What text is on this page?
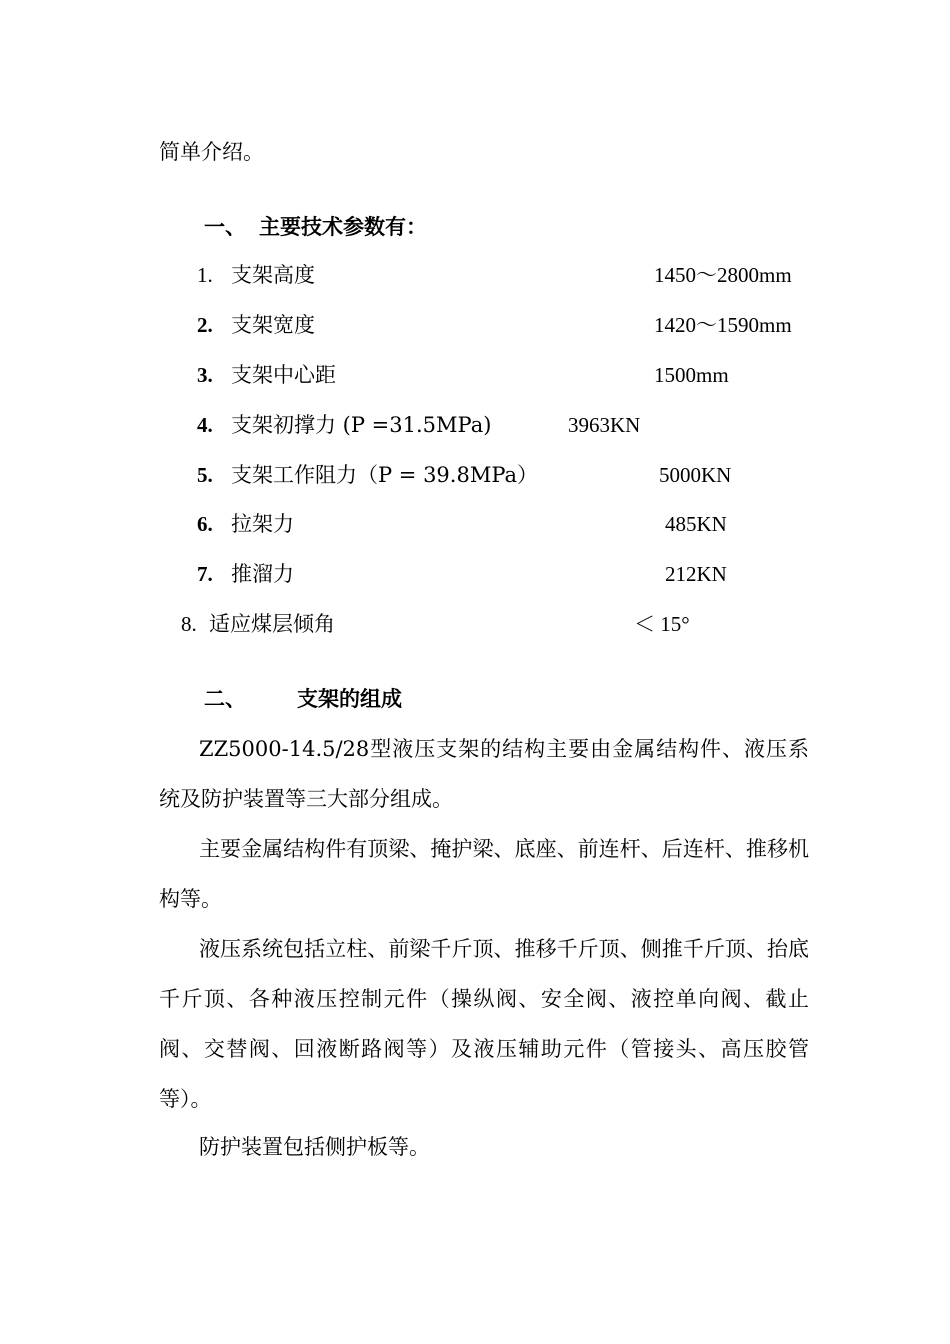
简单介绍。
一、 主要技术参数有：
1. 支架高度	1450～2800mm
2. 支架宽度	1420～1590mm
3. 支架中心距	1500mm
4. 支架初撑力 (P =31.5MPa)	3963KN
5. 支架工作阻力（P = 39.8MPa）	5000KN
6. 拉架力	485KN
7. 推溜力	212KN
8. 适应煤层倾角	＜ 15°
二、 支架的组成
ZZ5000-14.5/28型液压支架的结构主要由金属结构件、液压系统及防护装置等三大部分组成。
主要金属结构件有顶梁、掩护梁、底座、前连杆、后连杆、推移机构等。
液压系统包括立柱、前梁千斤顶、推移千斤顶、侧推千斤顶、抬底千斤顶、各种液压控制元件（操纵阀、安全阀、液控单向阀、截止阀、交替阀、回液断路阀等）及液压辅助元件（管接头、高压胶管等）。
防护装置包括侧护板等。
